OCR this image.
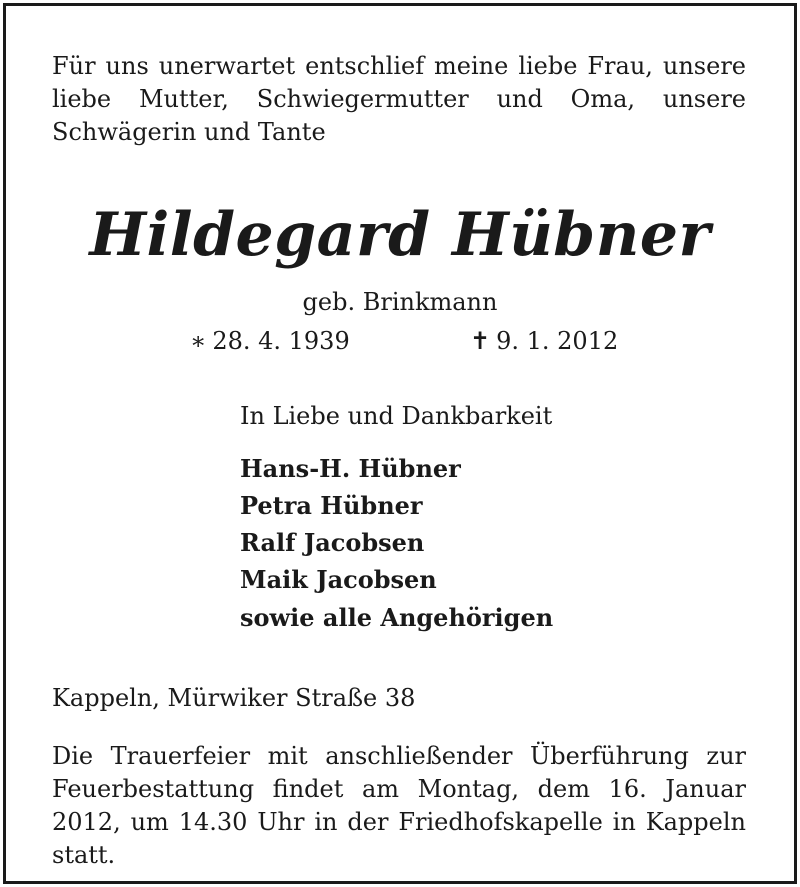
Für uns unerwartet entschlief meine liebe Frau, unsere liebe Mutter, Schwiegermutter und Oma, unsere Schwägerin und Tante

Hildegard Hübner

geb. Brinkmann

∗ 28. 4. 1939	✝ 9. 1. 2012

In Liebe und Dankbarkeit

Hans-H. Hübner
Petra Hübner
Ralf Jacobsen
Maik Jacobsen

sowie alle Angehörigen

Kappeln, Mürwiker Straße 38

Die Trauerfeier mit anschließender Überführung zur Feuerbestattung findet am Montag, dem 16. Januar 2012, um 14.30 Uhr in der Friedhofskapelle in Kappeln statt.
